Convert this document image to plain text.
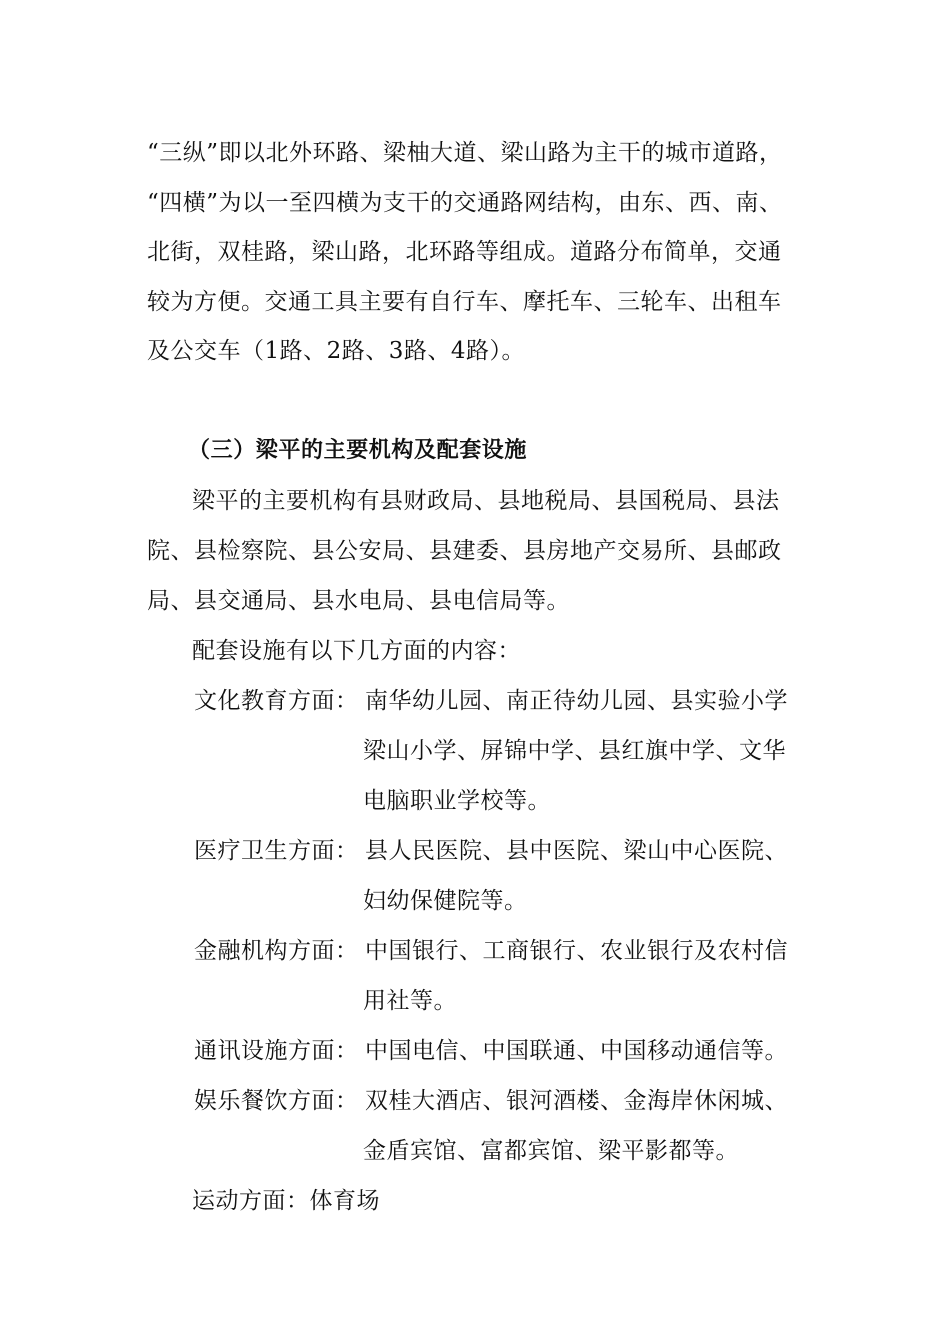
“三纵”即以北外环路、梁柚大道、梁山路为主干的城市道路，
“四横”为以一至四横为支干的交通路网结构，由东、西、南、
北街，双桂路，梁山路，北环路等组成。道路分布简单，交通
较为方便。交通工具主要有自行车、摩托车、三轮车、出租车
及公交车（1路、2路、3路、4路）。
（三）梁平的主要机构及配套设施
梁平的主要机构有县财政局、县地税局、县国税局、县法
院、县检察院、县公安局、县建委、县房地产交易所、县邮政
局、县交通局、县水电局、县电信局等。
配套设施有以下几方面的内容：
文化教育方面： 南华幼儿园、南正待幼儿园、县实验小学
梁山小学、屏锦中学、县红旗中学、文华
电脑职业学校等。
医疗卫生方面： 县人民医院、县中医院、梁山中心医院、
妇幼保健院等。
金融机构方面： 中国银行、工商银行、农业银行及农村信
用社等。
通讯设施方面： 中国电信、中国联通、中国移动通信等。
娱乐餐饮方面： 双桂大酒店、银河酒楼、金海岸休闲城、
金盾宾馆、富都宾馆、梁平影都等。
运动方面：体育场
